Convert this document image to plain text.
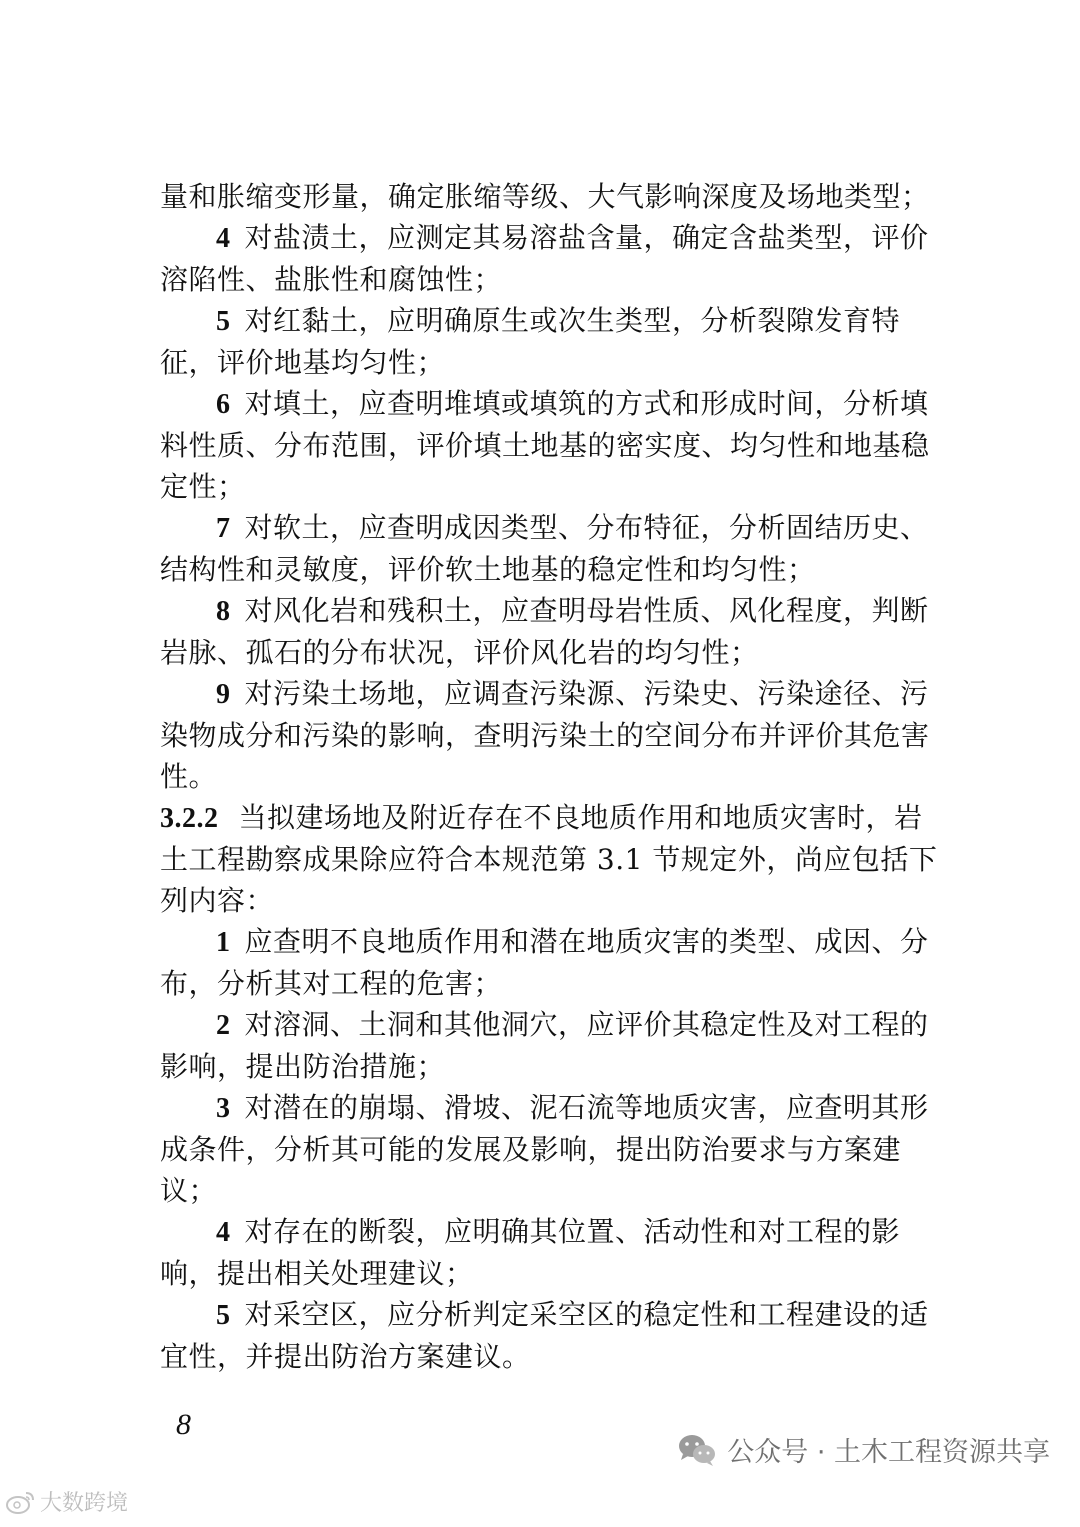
量和胀缩变形量，确定胀缩等级、大气影响深度及场地类型；

4 对盐渍土，应测定其易溶盐含量，确定含盐类型，评价溶陷性、盐胀性和腐蚀性；

5 对红黏土，应明确原生或次生类型，分析裂隙发育特征，评价地基均匀性；

6 对填土，应查明堆填或填筑的方式和形成时间，分析填料性质、分布范围，评价填土地基的密实度、均匀性和地基稳定性；

7 对软土，应查明成因类型、分布特征，分析固结历史、结构性和灵敏度，评价软土地基的稳定性和均匀性；

8 对风化岩和残积土，应查明母岩性质、风化程度，判断岩脉、孤石的分布状况，评价风化岩的均匀性；

9 对污染土场地，应调查污染源、污染史、污染途径、污染物成分和污染的影响，查明污染土的空间分布并评价其危害性。

3.2.2 当拟建场地及附近存在不良地质作用和地质灾害时，岩土工程勘察成果除应符合本规范第 3.1 节规定外，尚应包括下列内容：

1 应查明不良地质作用和潜在地质灾害的类型、成因、分布，分析其对工程的危害；

2 对溶洞、土洞和其他洞穴，应评价其稳定性及对工程的影响，提出防治措施；

3 对潜在的崩塌、滑坡、泥石流等地质灾害，应查明其形成条件，分析其可能的发展及影响，提出防治要求与方案建议；

4 对存在的断裂，应明确其位置、活动性和对工程的影响，提出相关处理建议；

5 对采空区，应分析判定采空区的稳定性和工程建设的适宜性，并提出防治方案建议。

8
公众号 · 土木工程资源共享
大数跨境
